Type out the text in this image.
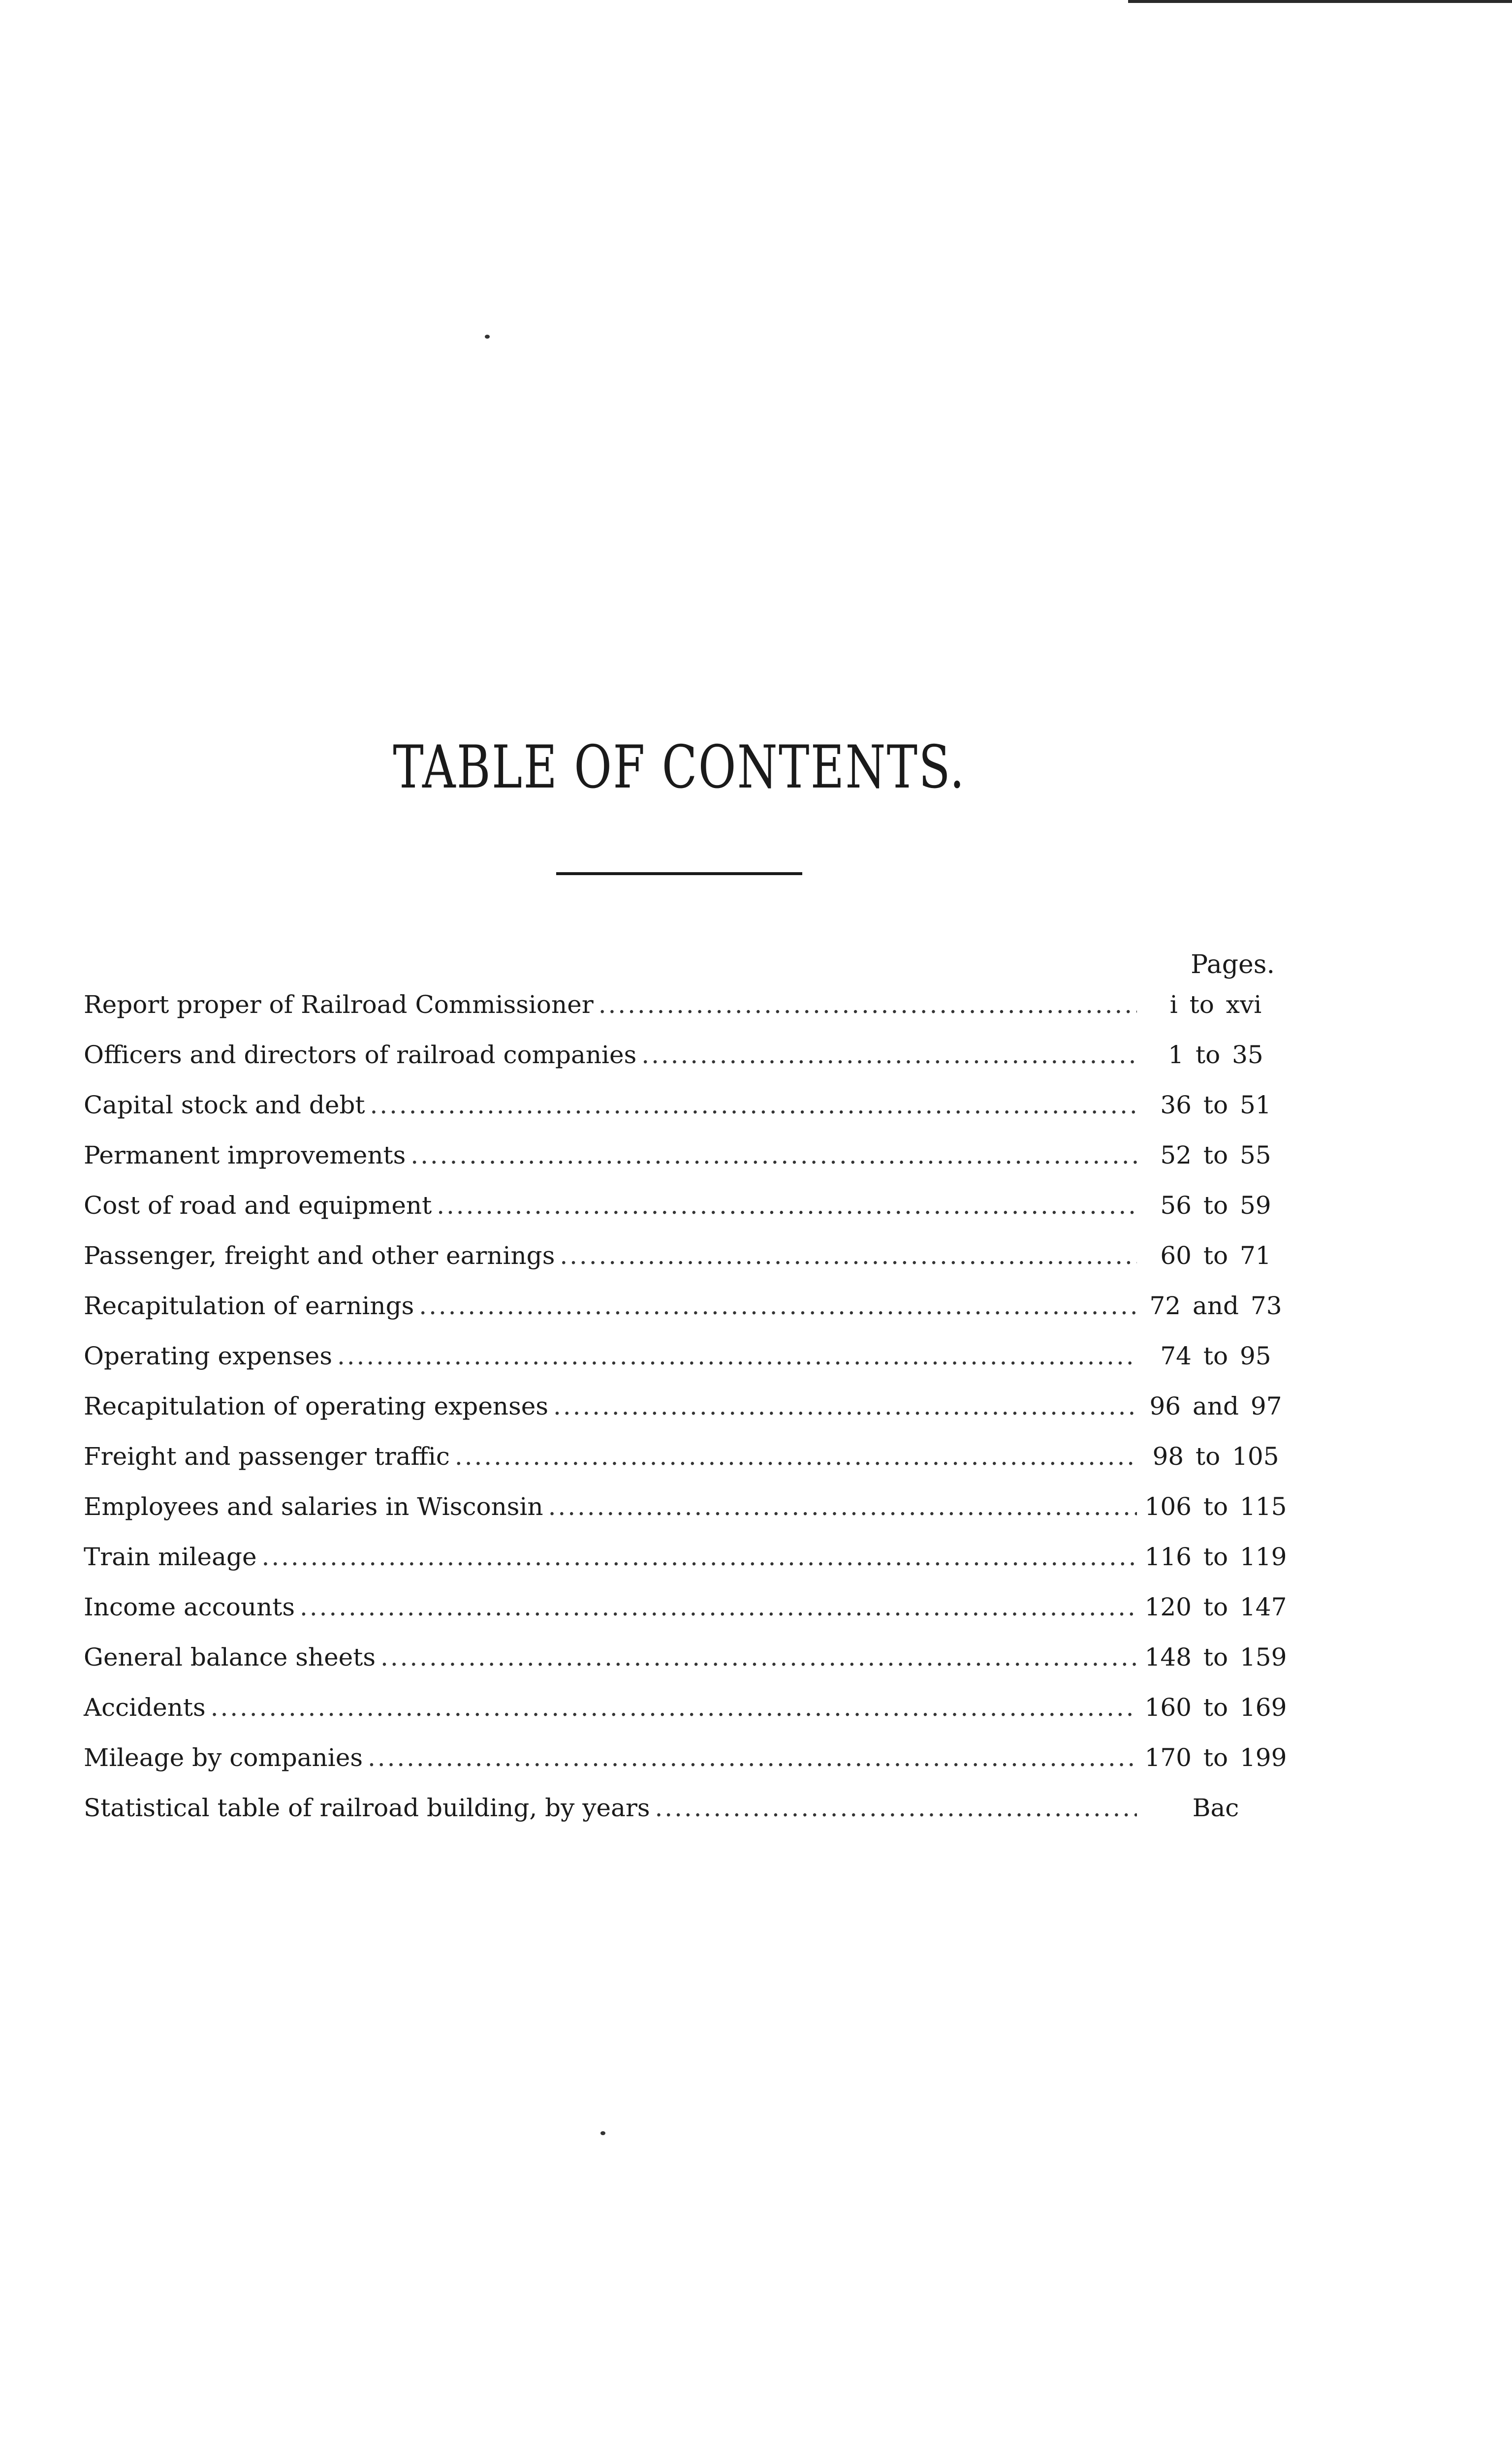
TABLE OF CONTENTS.
Pages.
Report proper of Railroad Commissioner . . .	i to xvi
Officers and directors of railroad companies . . .	1 to 35
Capital stock and debt . . .	36 to 51
Permanent improvements . . .	52 to 55
Cost of road and equipment . . .	56 to 59
Passenger, freight and other earnings . . .	60 to 71
Recapitulation of earnings . . .	72 and 73
Operating expenses . . .	74 to 95
Recapitulation of operating expenses . . .	96 and 97
Freight and passenger traffic . . .	98 to 105
Employees and salaries in Wisconsin . . .	106 to 115
Train mileage . . .	116 to 119
Income accounts . . .	120 to 147
General balance sheets . . .	148 to 159
Accidents . . .	160 to 169
Mileage by companies . . .	170 to 199
Statistical table of railroad building, by years . . .	Bac
